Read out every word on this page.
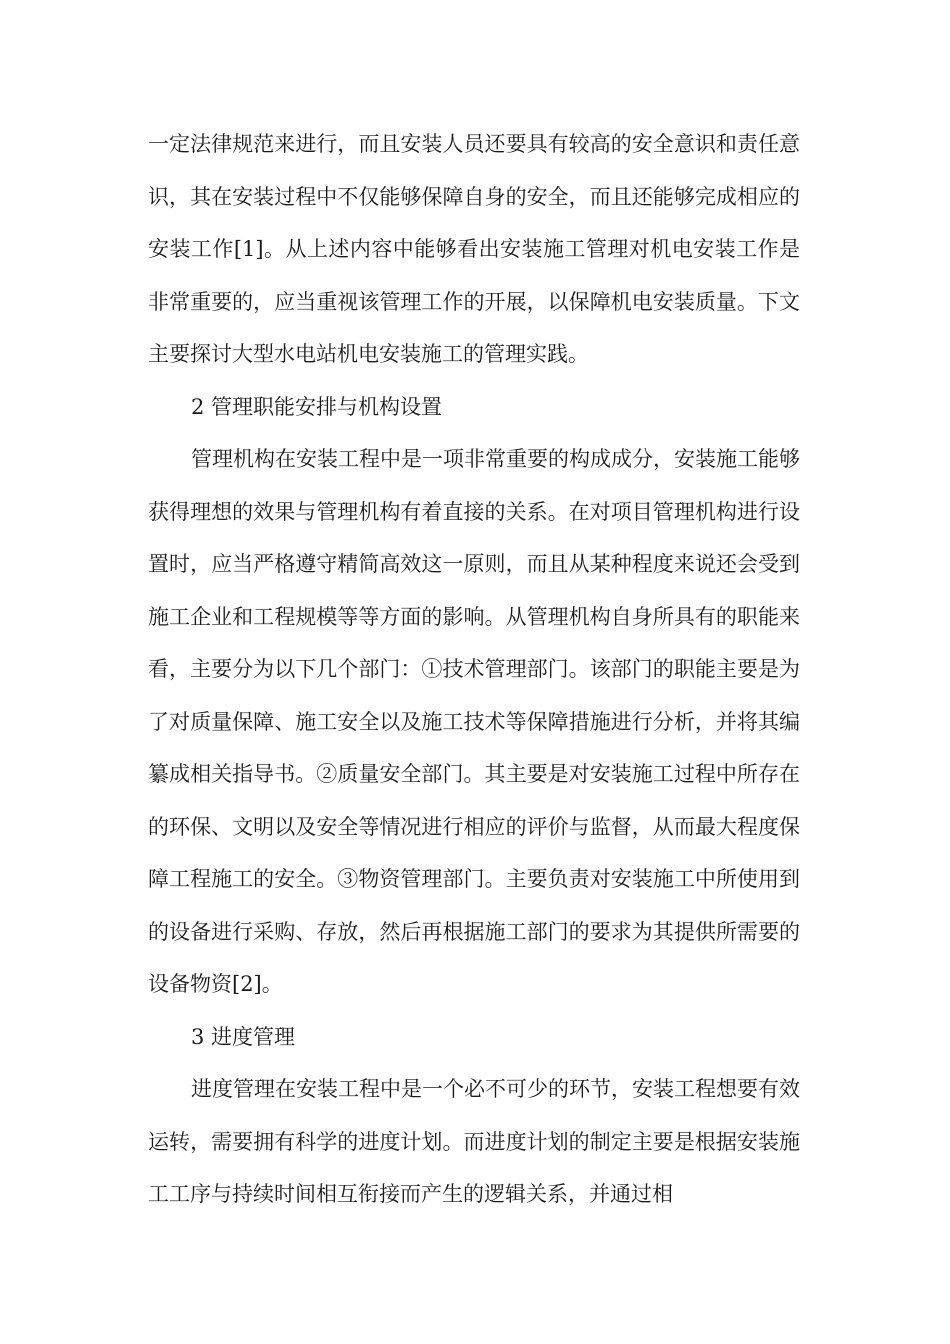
一定法律规范来进行，而且安装人员还要具有较高的安全意识和责任意识，其在安装过程中不仅能够保障自身的安全，而且还能够完成相应的安装工作[1]。从上述内容中能够看出安装施工管理对机电安装工作是非常重要的，应当重视该管理工作的开展，以保障机电安装质量。下文主要探讨大型水电站机电安装施工的管理实践。

2 管理职能安排与机构设置

管理机构在安装工程中是一项非常重要的构成成分，安装施工能够获得理想的效果与管理机构有着直接的关系。在对项目管理机构进行设置时，应当严格遵守精简高效这一原则，而且从某种程度来说还会受到施工企业和工程规模等等方面的影响。从管理机构自身所具有的职能来看，主要分为以下几个部门：①技术管理部门。该部门的职能主要是为了对质量保障、施工安全以及施工技术等保障措施进行分析，并将其编纂成相关指导书。②质量安全部门。其主要是对安装施工过程中所存在的环保、文明以及安全等情况进行相应的评价与监督，从而最大程度保障工程施工的安全。③物资管理部门。主要负责对安装施工中所使用到的设备进行采购、存放，然后再根据施工部门的要求为其提供所需要的设备物资[2]。

3 进度管理

进度管理在安装工程中是一个必不可少的环节，安装工程想要有效运转，需要拥有科学的进度计划。而进度计划的制定主要是根据安装施工工序与持续时间相互衔接而产生的逻辑关系，并通过相
